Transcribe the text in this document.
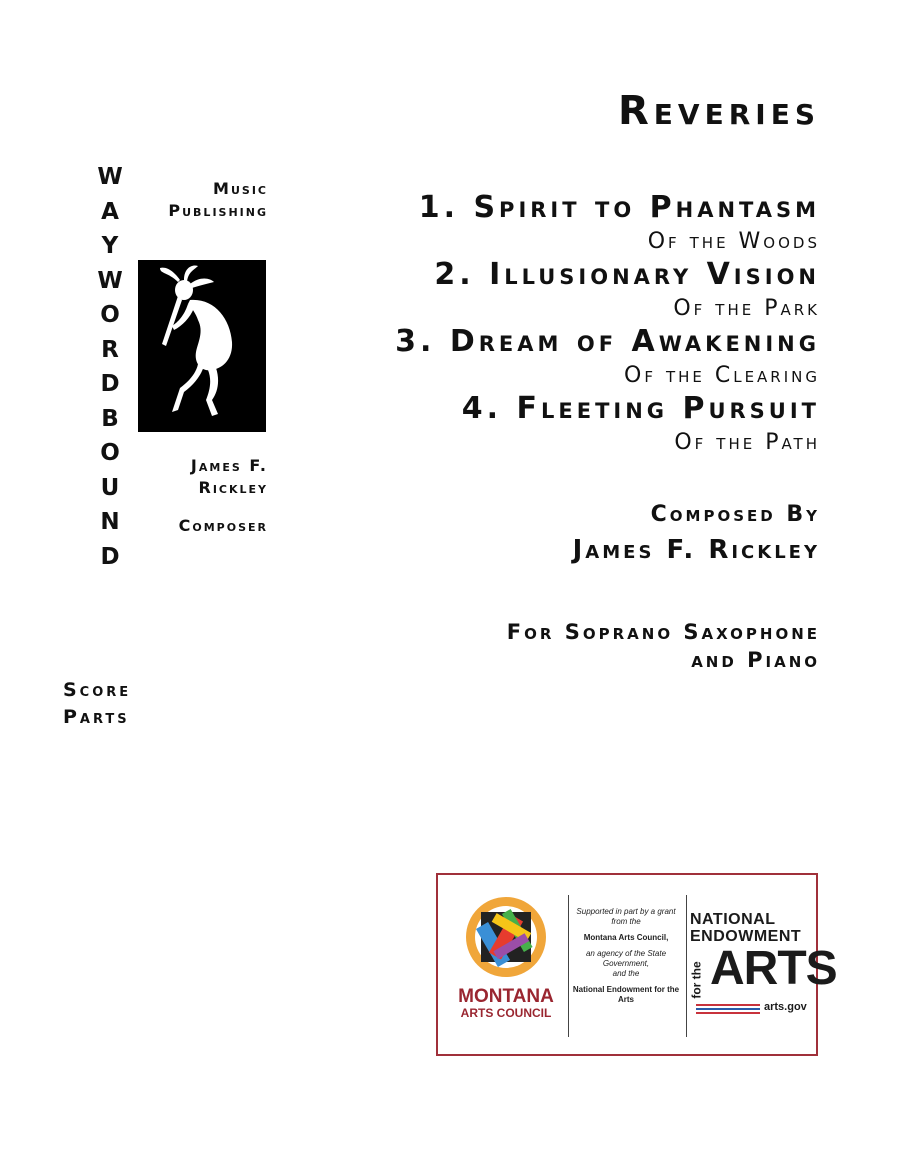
Reveries
1. Spirit to Phantasm
Of the Woods
2. Illusionary Vision
Of the Park
3. Dream of Awakening
Of the Clearing
4. Fleeting Pursuit
Of the Path
Composed By
James F. Rickley
For Soprano Saxophone
and Piano
W
A
Y
W
O
R
D
B
O
U
N
D
Music
Publishing
James F.
Rickley
Composer
Score
Parts
MONTANA
ARTS COUNCIL
Supported in part by a grant from the
Montana Arts Council,
an agency of the State Government,
and the
National Endowment for the Arts
NATIONAL
ENDOWMENT
for the ARTS
arts.gov
